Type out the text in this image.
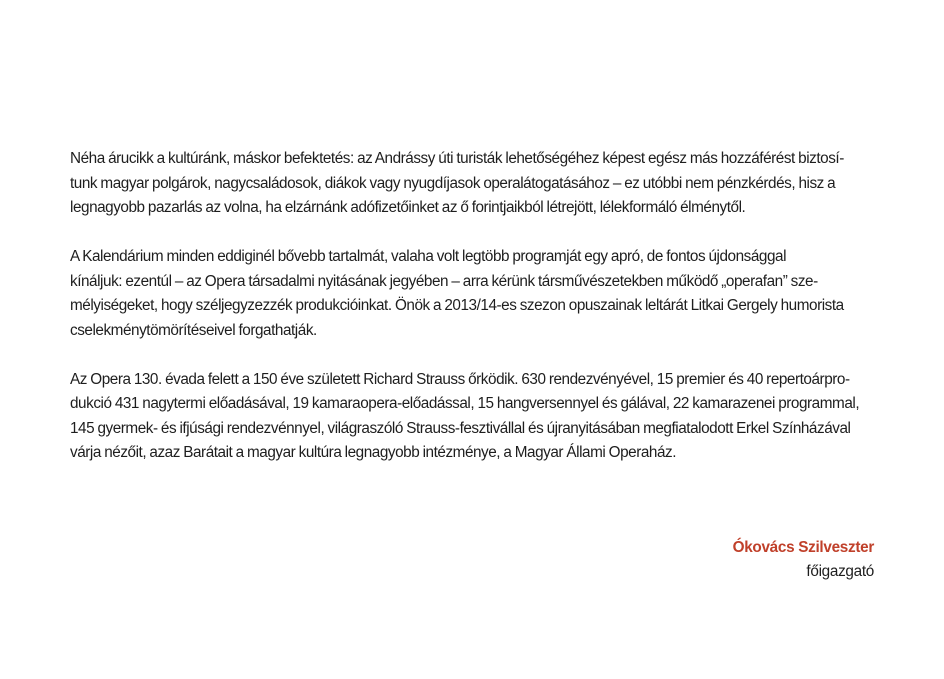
Néha árucikk a kultúránk, máskor befektetés: az Andrássy úti turisták lehetőségéhez képest egész más hozzáférést biztosí-
tunk magyar polgárok, nagycsaládosok, diákok vagy nyugdíjasok operalátogatásához – ez utóbbi nem pénzkérdés, hisz a
legnagyobb pazarlás az volna, ha elzárnánk adófizetőinket az ő forintjaikból létrejött, lélekformáló élménytől.

A Kalendárium minden eddiginél bővebb tartalmát, valaha volt legtöbb programját egy apró, de fontos újdonsággal
kínáljuk: ezentúl – az Opera társadalmi nyitásának jegyében – arra kérünk társművészetekben működő „operafan” sze-
mélyiségeket, hogy széljegyzezzék produkcióinkat. Önök a 2013/14-es szezon opuszainak leltárát Litkai Gergely humorista
cselekménytömörítéseivel forgathatják.

Az Opera 130. évada felett a 150 éve született Richard Strauss őrködik. 630 rendezvényével, 15 premier és 40 repertoárpro-
dukció 431 nagytermi előadásával, 19 kamaraopera-előadással, 15 hangversennyel és gálával, 22 kamarazenei programmal,
145 gyermek- és ifjúsági rendezvénnyel, világraszóló Strauss-fesztivállal és újranyitásában megfiatalodott Erkel Színházával
várja nézőit, azaz Barátait a magyar kultúra legnagyobb intézménye, a Magyar Állami Operaház.

Ókovács Szilveszter
főigazgató
